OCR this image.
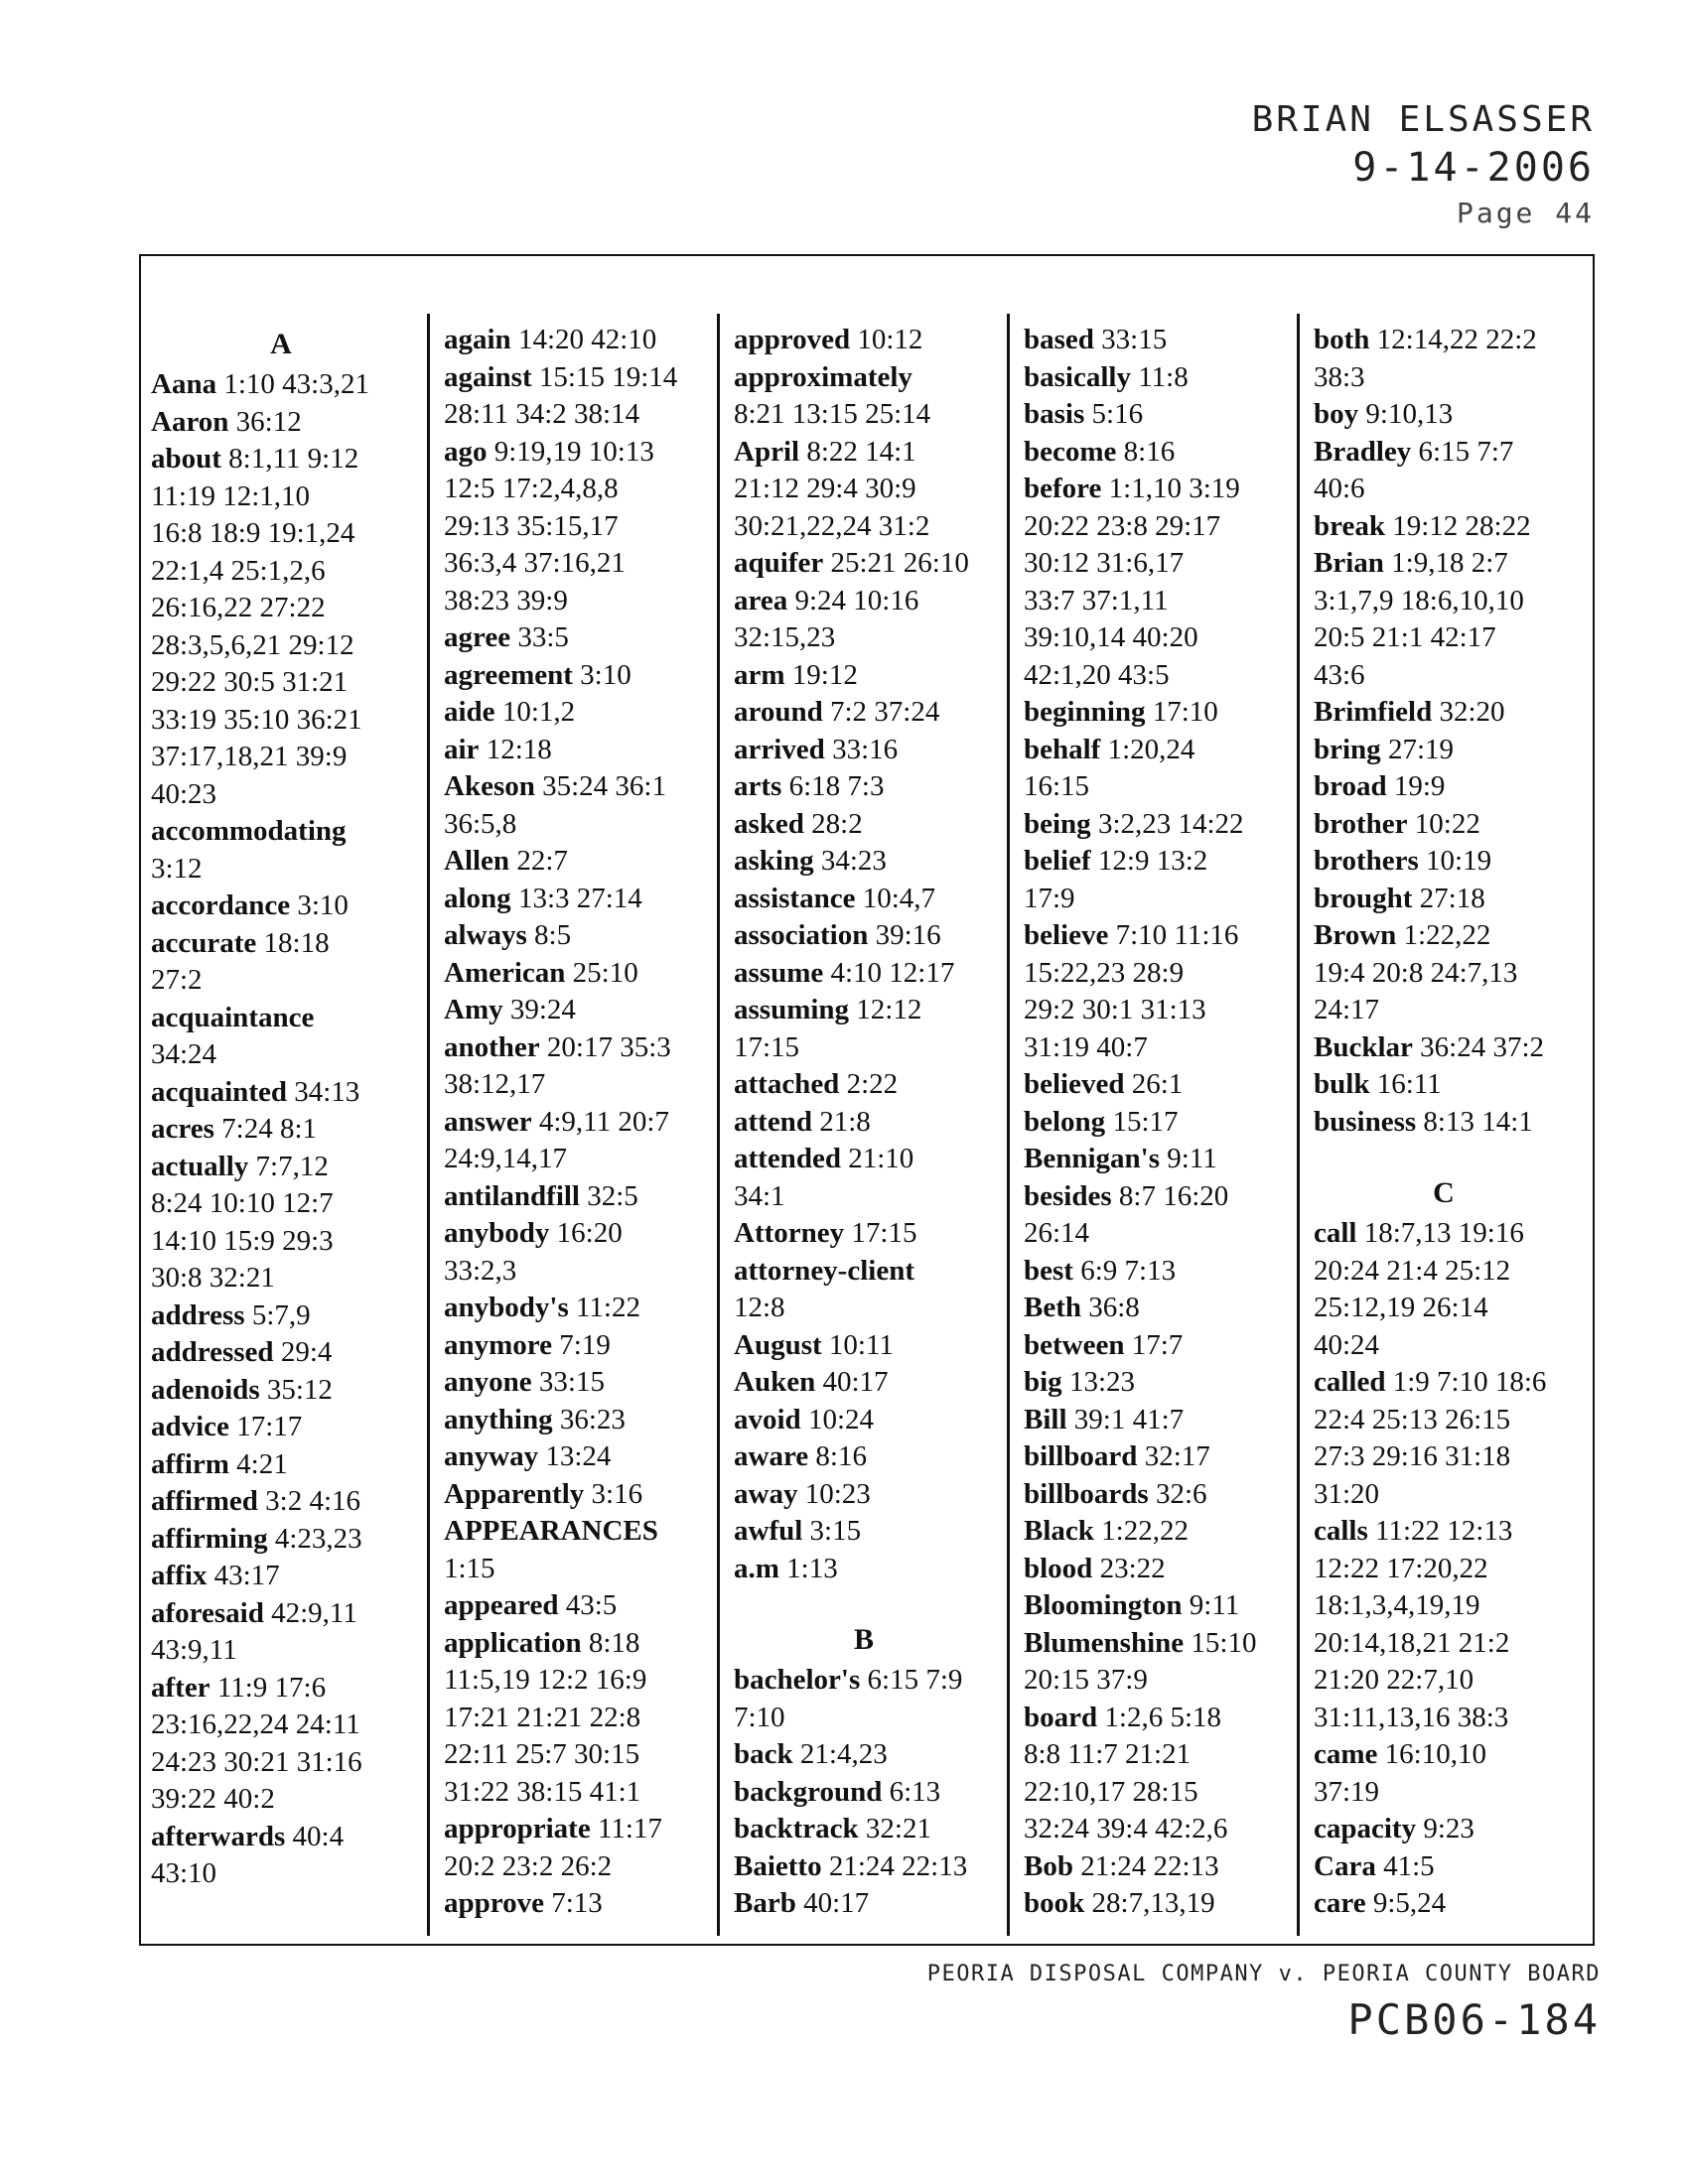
BRIAN ELSASSER
9-14-2006
Page 44
A
Aana 1:10 43:3,21
Aaron 36:12
about 8:1,11 9:12
11:19 12:1,10
16:8 18:9 19:1,24
22:1,4 25:1,2,6
26:16,22 27:22
28:3,5,6,21 29:12
29:22 30:5 31:21
33:19 35:10 36:21
37:17,18,21 39:9
40:23
accommodating
3:12
accordance 3:10
accurate 18:18
27:2
acquaintance
34:24
acquainted 34:13
acres 7:24 8:1
actually 7:7,12
8:24 10:10 12:7
14:10 15:9 29:3
30:8 32:21
address 5:7,9
addressed 29:4
adenoids 35:12
advice 17:17
affirm 4:21
affirmed 3:2 4:16
affirming 4:23,23
affix 43:17
aforesaid 42:9,11
43:9,11
after 11:9 17:6
23:16,22,24 24:11
24:23 30:21 31:16
39:22 40:2
afterwards 40:4
43:10
again 14:20 42:10
against 15:15 19:14
28:11 34:2 38:14
ago 9:19,19 10:13
12:5 17:2,4,8,8
29:13 35:15,17
36:3,4 37:16,21
38:23 39:9
agree 33:5
agreement 3:10
aide 10:1,2
air 12:18
Akeson 35:24 36:1
36:5,8
Allen 22:7
along 13:3 27:14
always 8:5
American 25:10
Amy 39:24
another 20:17 35:3
38:12,17
answer 4:9,11 20:7
24:9,14,17
antilandfill 32:5
anybody 16:20
33:2,3
anybody's 11:22
anymore 7:19
anyone 33:15
anything 36:23
anyway 13:24
Apparently 3:16
APPEARANCES
1:15
appeared 43:5
application 8:18
11:5,19 12:2 16:9
17:21 21:21 22:8
22:11 25:7 30:15
31:22 38:15 41:1
appropriate 11:17
20:2 23:2 26:2
approve 7:13
approved 10:12
approximately
8:21 13:15 25:14
April 8:22 14:1
21:12 29:4 30:9
30:21,22,24 31:2
aquifer 25:21 26:10
area 9:24 10:16
32:15,23
arm 19:12
around 7:2 37:24
arrived 33:16
arts 6:18 7:3
asked 28:2
asking 34:23
assistance 10:4,7
association 39:16
assume 4:10 12:17
assuming 12:12
17:15
attached 2:22
attend 21:8
attended 21:10
34:1
Attorney 17:15
attorney-client
12:8
August 10:11
Auken 40:17
avoid 10:24
aware 8:16
away 10:23
awful 3:15
a.m 1:13
B
bachelor's 6:15 7:9
7:10
back 21:4,23
background 6:13
backtrack 32:21
Baietto 21:24 22:13
Barb 40:17
based 33:15
basically 11:8
basis 5:16
become 8:16
before 1:1,10 3:19
20:22 23:8 29:17
30:12 31:6,17
33:7 37:1,11
39:10,14 40:20
42:1,20 43:5
beginning 17:10
behalf 1:20,24
16:15
being 3:2,23 14:22
belief 12:9 13:2
17:9
believe 7:10 11:16
15:22,23 28:9
29:2 30:1 31:13
31:19 40:7
believed 26:1
belong 15:17
Bennigan's 9:11
besides 8:7 16:20
26:14
best 6:9 7:13
Beth 36:8
between 17:7
big 13:23
Bill 39:1 41:7
billboard 32:17
billboards 32:6
Black 1:22,22
blood 23:22
Bloomington 9:11
Blumenshine 15:10
20:15 37:9
board 1:2,6 5:18
8:8 11:7 21:21
22:10,17 28:15
32:24 39:4 42:2,6
Bob 21:24 22:13
book 28:7,13,19
both 12:14,22 22:2
38:3
boy 9:10,13
Bradley 6:15 7:7
40:6
break 19:12 28:22
Brian 1:9,18 2:7
3:1,7,9 18:6,10,10
20:5 21:1 42:17
43:6
Brimfield 32:20
bring 27:19
broad 19:9
brother 10:22
brothers 10:19
brought 27:18
Brown 1:22,22
19:4 20:8 24:7,13
24:17
Bucklar 36:24 37:2
bulk 16:11
business 8:13 14:1
C
call 18:7,13 19:16
20:24 21:4 25:12
25:12,19 26:14
40:24
called 1:9 7:10 18:6
22:4 25:13 26:15
27:3 29:16 31:18
31:20
calls 11:22 12:13
12:22 17:20,22
18:1,3,4,19,19
20:14,18,21 21:2
21:20 22:7,10
31:11,13,16 38:3
came 16:10,10
37:19
capacity 9:23
Cara 41:5
care 9:5,24
PEORIA DISPOSAL COMPANY v. PEORIA COUNTY BOARD
PCB06-184
